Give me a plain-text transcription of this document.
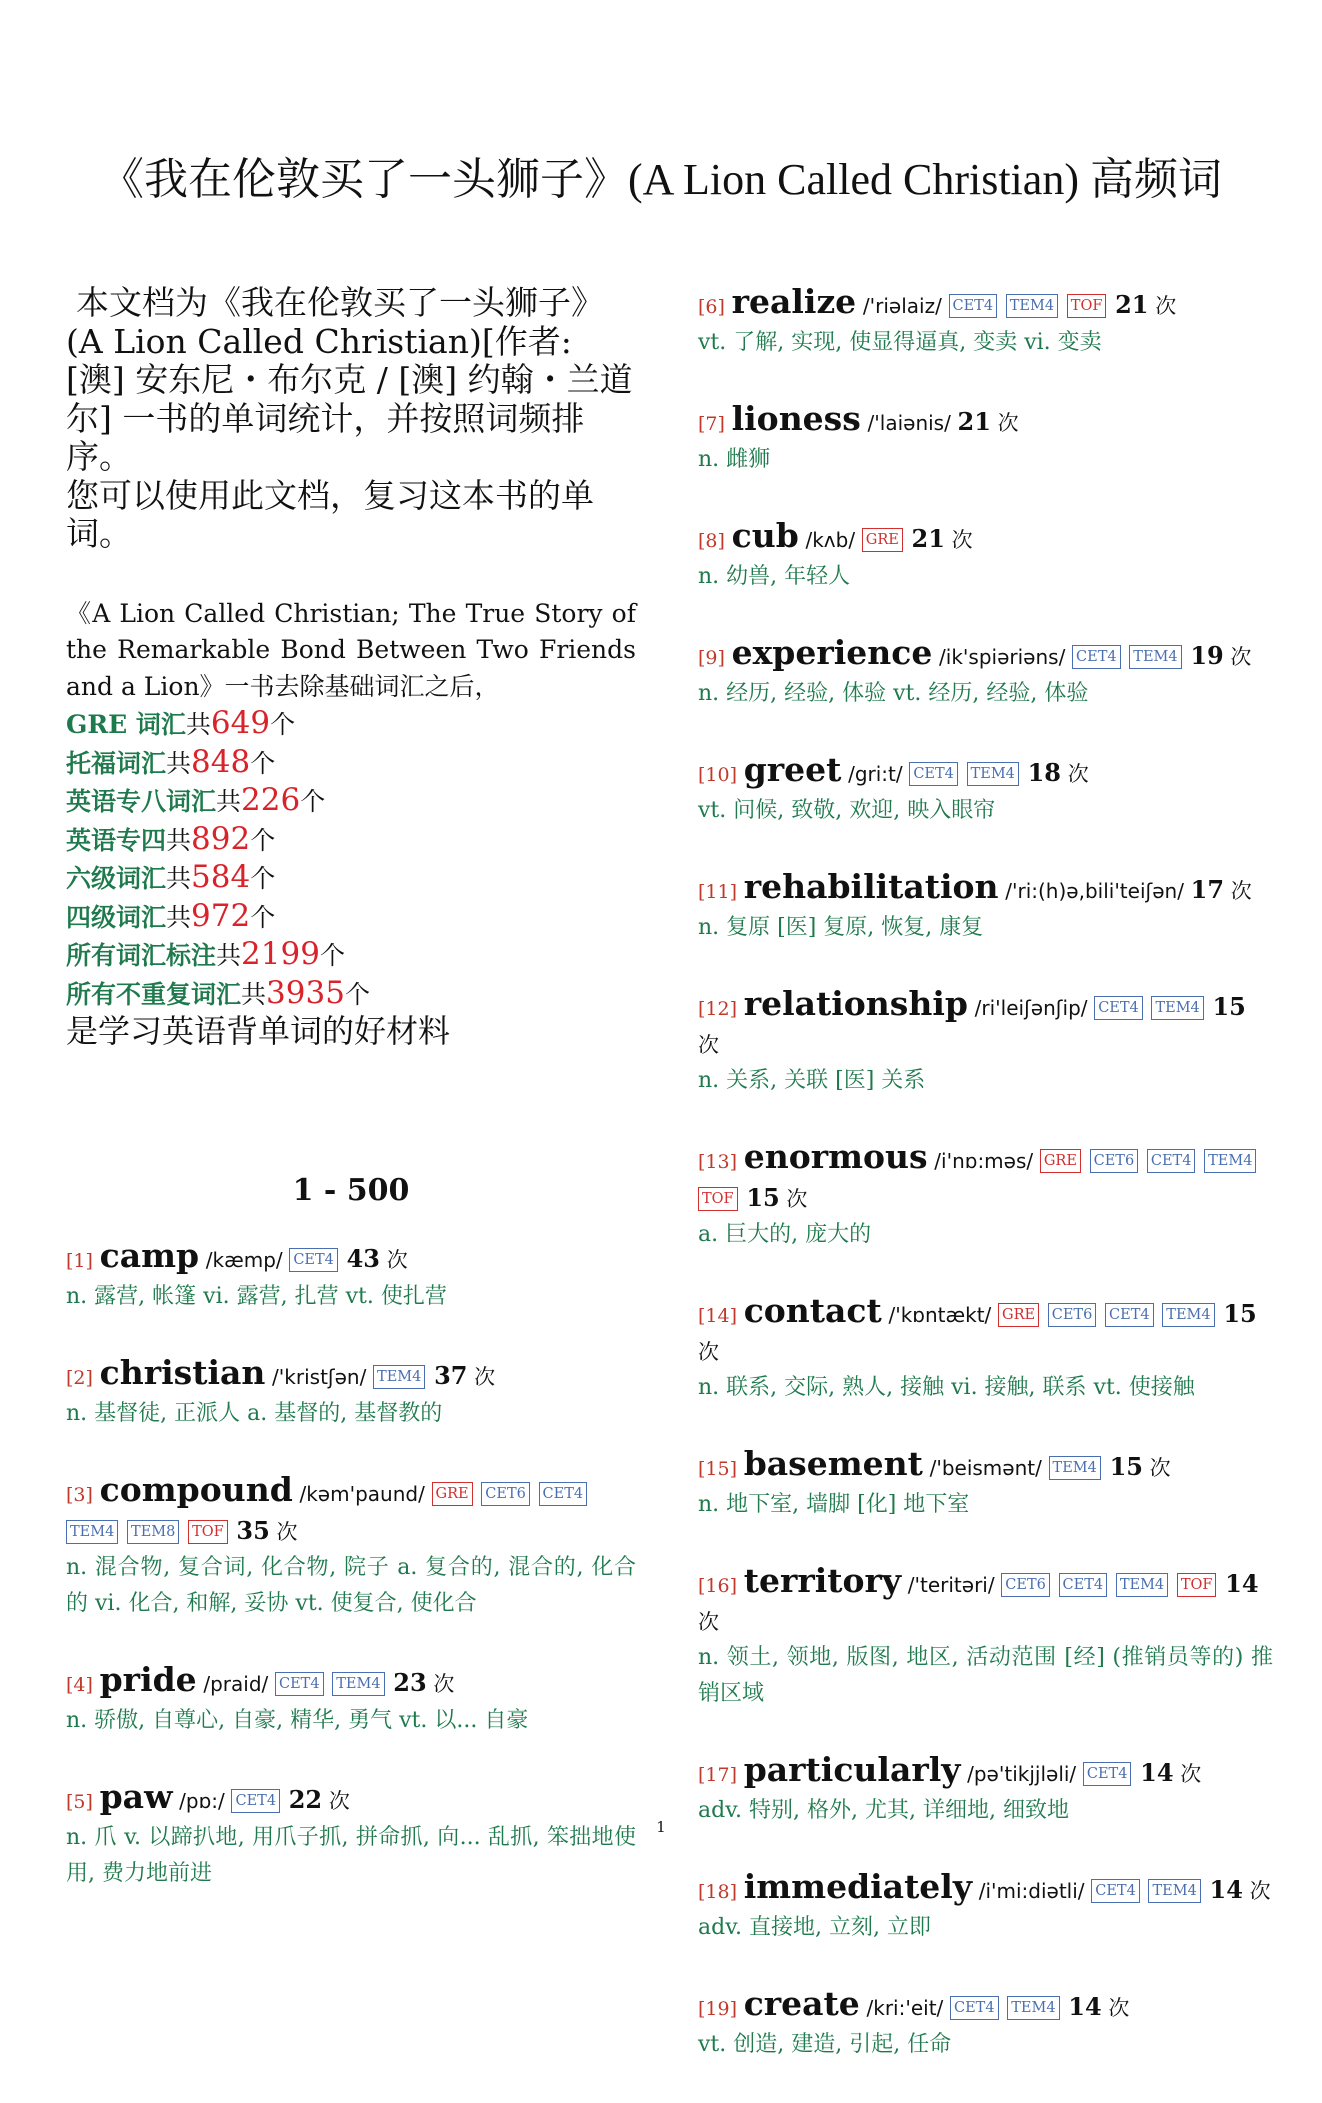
《我在伦敦买了一头狮子》(A Lion Called Christian) 高频词

本文档为《我在伦敦买了一头狮子》(A Lion Called Christian)[作者: [澳] 安东尼・布尔克 / [澳] 约翰・兰道尔] 一书的单词统计，并按照词频排序。

您可以使用此文档，复习这本书的单词。

《A Lion Called Christian; The True Story of the Remarkable Bond Between Two Friends and a Lion》一书去除基础词汇之后，
GRE 词汇共649个
托福词汇共848个
英语专八词汇共226个
英语专四共892个
六级词汇共584个
四级词汇共972个
所有词汇标注共2199个
所有不重复词汇共3935个
是学习英语背单词的好材料
1 - 500
[1] camp /kæmp/ CET4 43 次
n. 露营, 帐篷 vi. 露营, 扎营 vt. 使扎营
[2] christian /'kristʃən/ TEM4 37 次
n. 基督徒, 正派人 a. 基督的, 基督教的
[3] compound /kəm'paund/ GRE CET6 CET4 TEM4 TEM8 TOF 35 次
n. 混合物, 复合词, 化合物, 院子 a. 复合的, 混合的, 化合的 vi. 化合, 和解, 妥协 vt. 使复合, 使化合
[4] pride /praid/ CET4 TEM4 23 次
n. 骄傲, 自尊心, 自豪, 精华, 勇气 vt. 以... 自豪
[5] paw /pɒ:/ CET4 22 次
n. 爪 v. 以蹄扒地, 用爪子抓, 拼命抓, 向... 乱抓, 笨拙地使用, 费力地前进
[6] realize /'riəlaiz/ CET4 TEM4 TOF 21 次
vt. 了解, 实现, 使显得逼真, 变卖 vi. 变卖
[7] lioness /'laiənis/ 21 次
n. 雌狮
[8] cub /kʌb/ GRE 21 次
n. 幼兽, 年轻人
[9] experience /ik'spiəriəns/ CET4 TEM4 19 次
n. 经历, 经验, 体验 vt. 经历, 经验, 体验
[10] greet /gri:t/ CET4 TEM4 18 次
vt. 问候, 致敬, 欢迎, 映入眼帘
[11] rehabilitation /'ri:(h)ə,bili'teiʃən/ 17 次
n. 复原 [医] 复原, 恢复, 康复
[12] relationship /ri'leiʃənʃip/ CET4 TEM4 15 次
n. 关系, 关联 [医] 关系
[13] enormous /i'nɒ:məs/ GRE CET6 CET4 TEM4 TOF 15 次
a. 巨大的, 庞大的
[14] contact /'kɒntækt/ GRE CET6 CET4 TEM4 15 次
n. 联系, 交际, 熟人, 接触 vi. 接触, 联系 vt. 使接触
[15] basement /'beismənt/ TEM4 15 次
n. 地下室, 墙脚 [化] 地下室
[16] territory /'teritəri/ CET6 CET4 TEM4 TOF 14 次
n. 领土, 领地, 版图, 地区, 活动范围 [经] (推销员等的) 推销区域
[17] particularly /pə'tikjjləli/ CET4 14 次
adv. 特别, 格外, 尤其, 详细地, 细致地
[18] immediately /i'mi:diətli/ CET4 TEM4 14 次
adv. 直接地, 立刻, 立即
[19] create /kri:'eit/ CET4 TEM4 14 次
vt. 创造, 建造, 引起, 任命
1
